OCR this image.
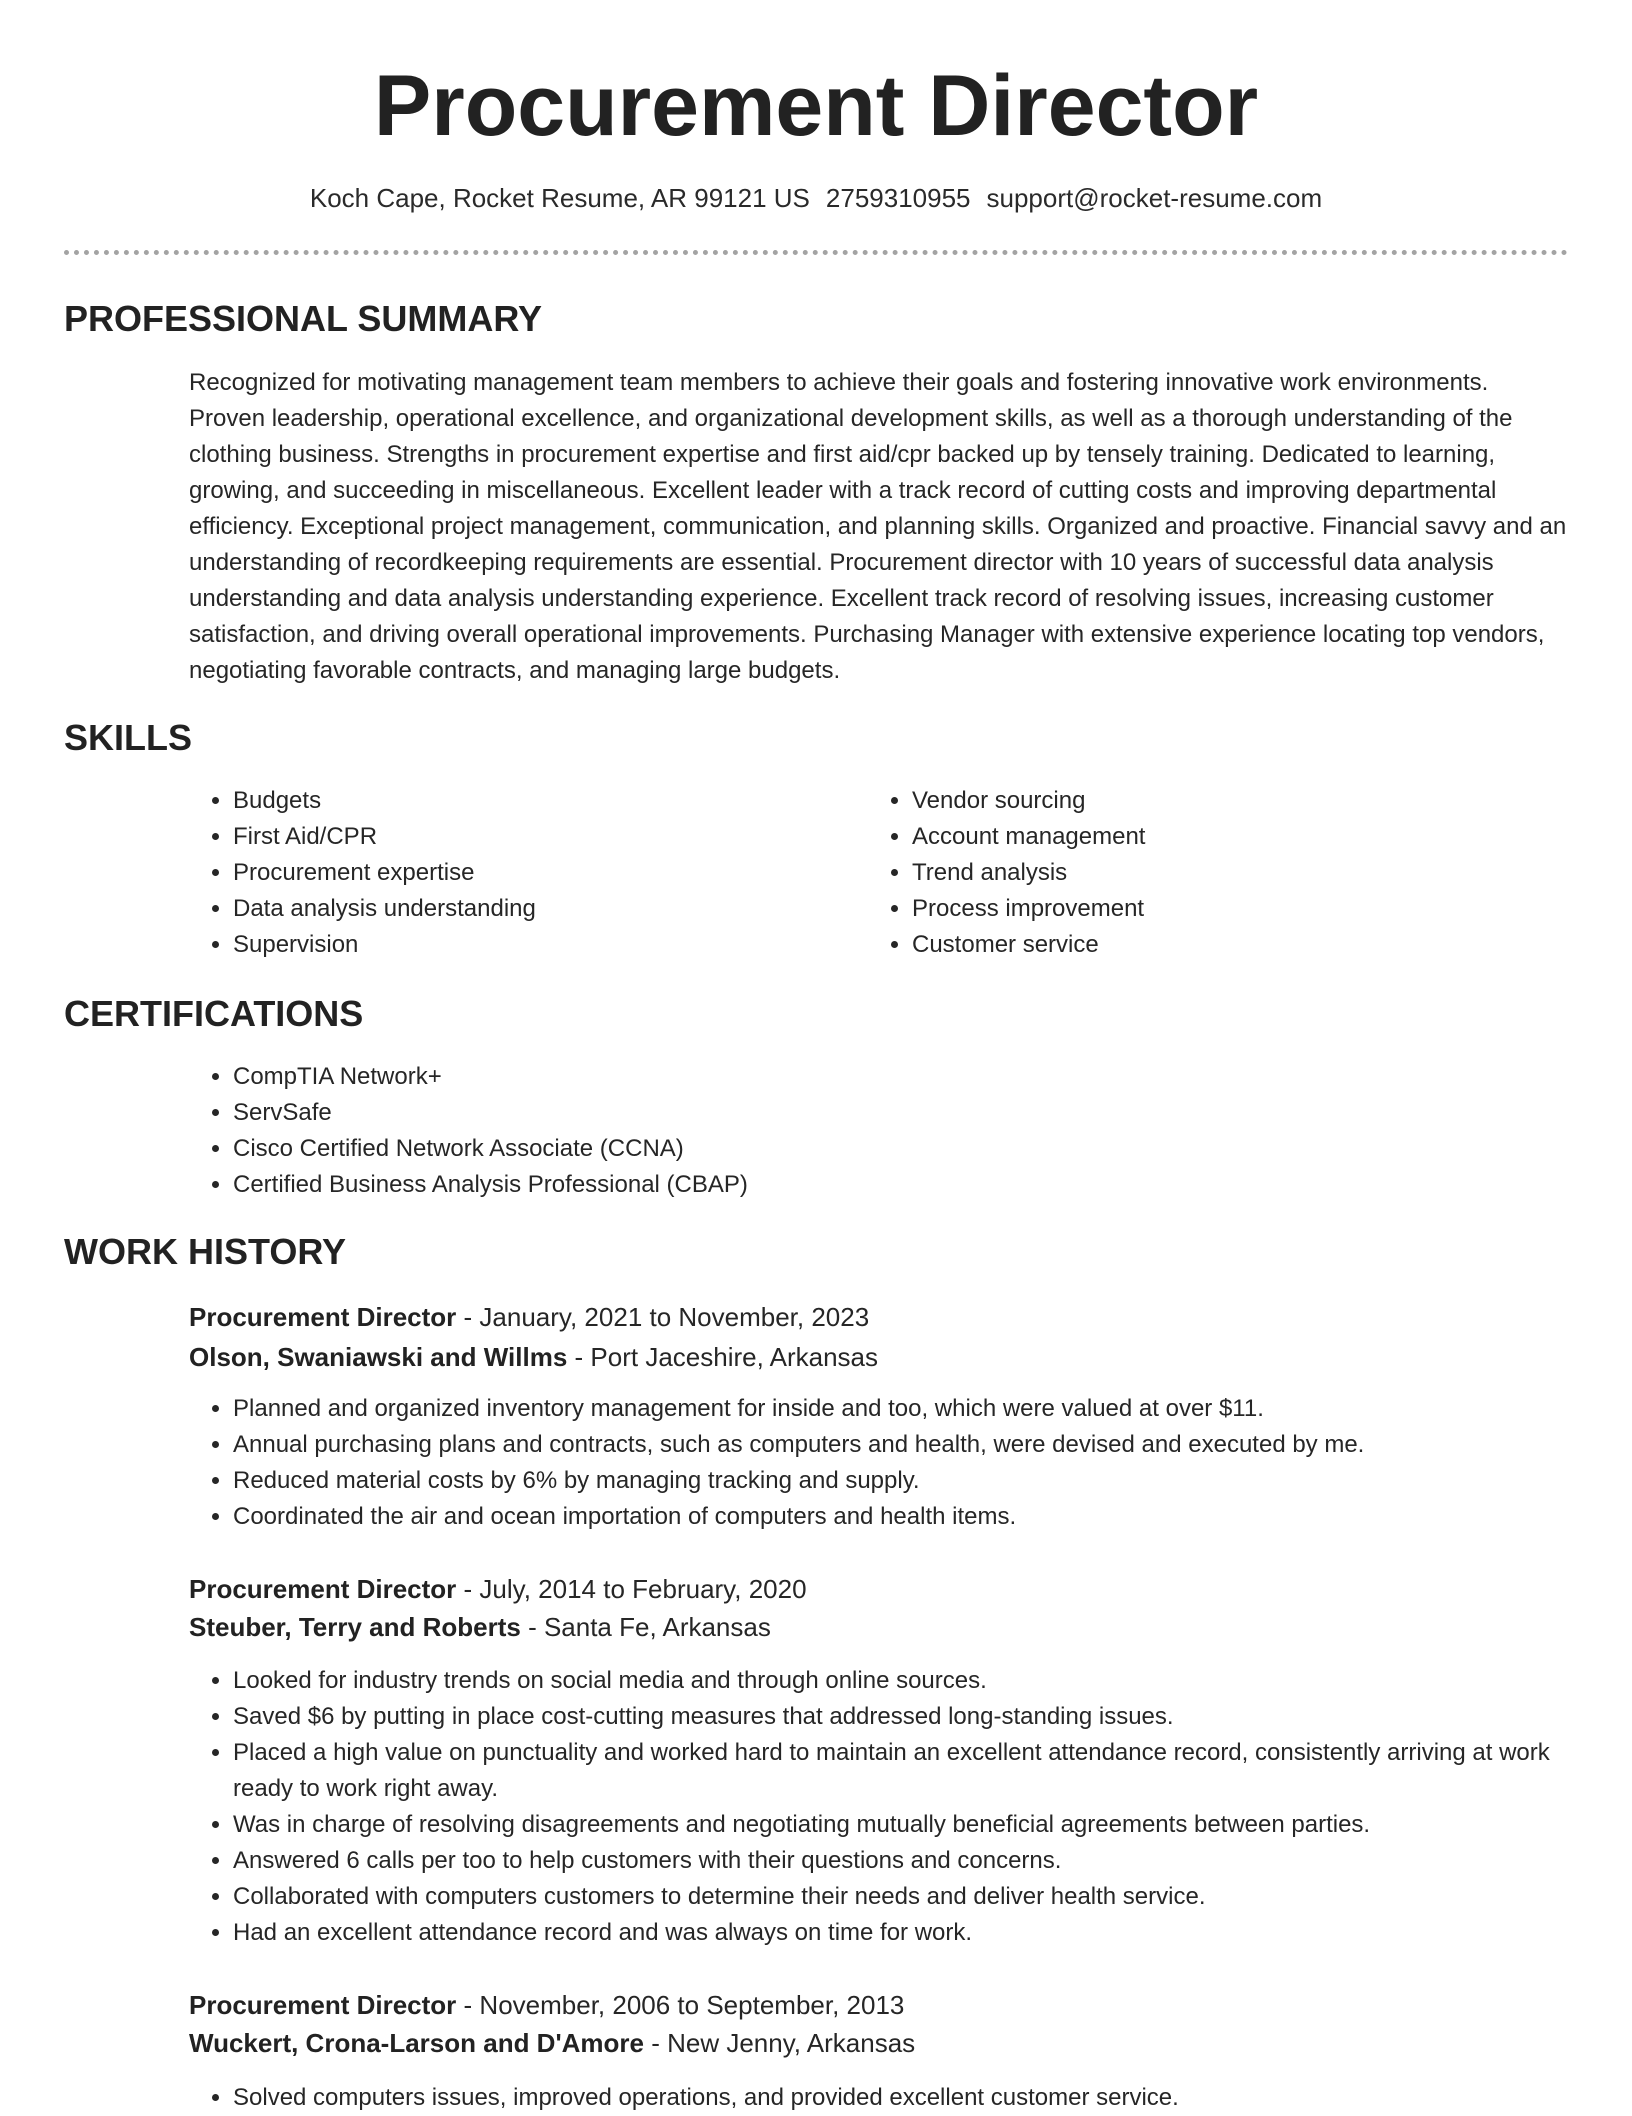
Procurement Director
Koch Cape, Rocket Resume, AR 99121 US 2759310955 support@rocket-resume.com
PROFESSIONAL SUMMARY

Recognized for motivating management team members to achieve their goals and fostering innovative work environments. Proven leadership, operational excellence, and organizational development skills, as well as a thorough understanding of the clothing business. Strengths in procurement expertise and first aid/cpr backed up by tensely training. Dedicated to learning, growing, and succeeding in miscellaneous. Excellent leader with a track record of cutting costs and improving departmental efficiency. Exceptional project management, communication, and planning skills. Organized and proactive. Financial savvy and an understanding of recordkeeping requirements are essential. Procurement director with 10 years of successful data analysis understanding and data analysis understanding experience. Excellent track record of resolving issues, increasing customer satisfaction, and driving overall operational improvements. Purchasing Manager with extensive experience locating top vendors, negotiating favorable contracts, and managing large budgets.

SKILLS
• Budgets
• First Aid/CPR
• Procurement expertise
• Data analysis understanding
• Supervision
• Vendor sourcing
• Account management
• Trend analysis
• Process improvement
• Customer service
CERTIFICATIONS
• CompTIA Network+
• ServSafe
• Cisco Certified Network Associate (CCNA)
• Certified Business Analysis Professional (CBAP)
WORK HISTORY

Procurement Director - January, 2021 to November, 2023

Olson, Swaniawski and Willms - Port Jaceshire, Arkansas

• Planned and organized inventory management for inside and too, which were valued at over $11.
• Annual purchasing plans and contracts, such as computers and health, were devised and executed by me.
• Reduced material costs by 6% by managing tracking and supply.
• Coordinated the air and ocean importation of computers and health items.

Procurement Director - July, 2014 to February, 2020

Steuber, Terry and Roberts - Santa Fe, Arkansas

• Looked for industry trends on social media and through online sources.
• Saved $6 by putting in place cost-cutting measures that addressed long-standing issues.
• Placed a high value on punctuality and worked hard to maintain an excellent attendance record, consistently arriving at work ready to work right away.
• Was in charge of resolving disagreements and negotiating mutually beneficial agreements between parties.
• Answered 6 calls per too to help customers with their questions and concerns.
• Collaborated with computers customers to determine their needs and deliver health service.
• Had an excellent attendance record and was always on time for work.

Procurement Director - November, 2006 to September, 2013

Wuckert, Crona-Larson and D'Amore - New Jenny, Arkansas

• Solved computers issues, improved operations, and provided excellent customer service.
